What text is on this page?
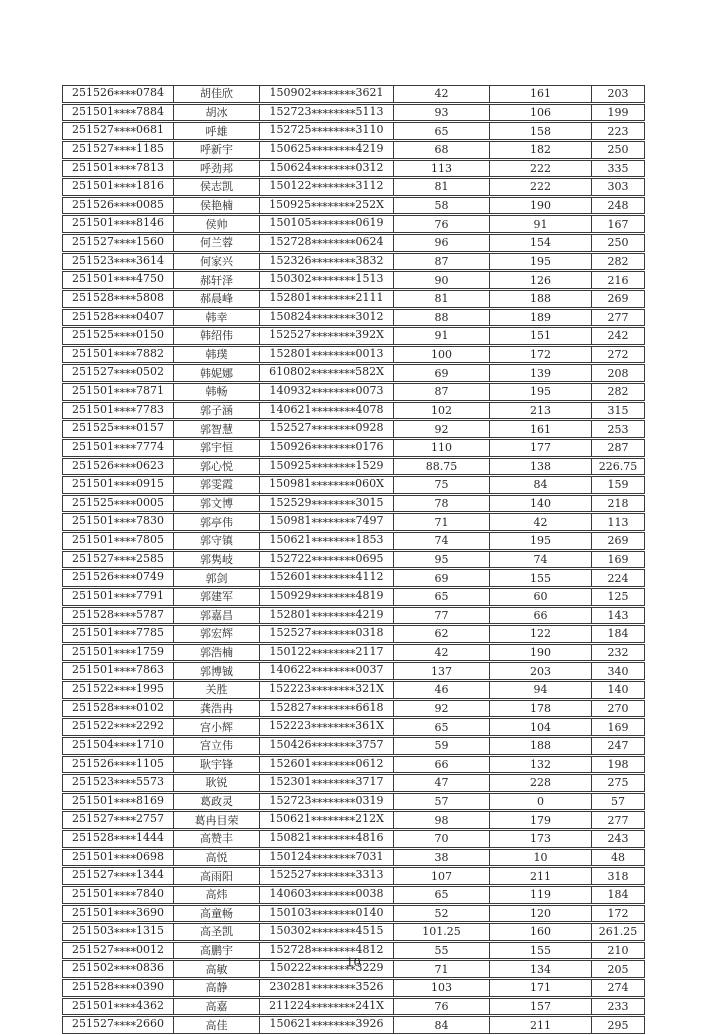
251526****0784	胡佳欣	150902********3621	42	161	203
251501****7884	胡冰	152723********5113	93	106	199
251527****0681	呼雄	152725********3110	65	158	223
251527****1185	呼新宇	150625********4219	68	182	250
251501****7813	呼劲邦	150624********0312	113	222	335
251501****1816	侯志凯	150122********3112	81	222	303
251526****0085	侯艳楠	150925********252X	58	190	248
251501****8146	侯帅	150105********0619	76	91	167
251527****1560	何兰蓉	152728********0624	96	154	250
251523****3614	何家兴	152326********3832	87	195	282
251501****4750	郝轩泽	150302********1513	90	126	216
251528****5808	郝晨峰	152801********2111	81	188	269
251528****0407	韩幸	150824********3012	88	189	277
251525****0150	韩绍伟	152527********392X	91	151	242
251501****7882	韩璞	152801********0013	100	172	272
251527****0502	韩妮娜	610802********582X	69	139	208
251501****7871	韩畅	140932********0073	87	195	282
251501****7783	郭子涵	140621********4078	102	213	315
251525****0157	郭智慧	152527********0928	92	161	253
251501****7774	郭宇恒	150926********0176	110	177	287
251526****0623	郭心悦	150925********1529	88.75	138	226.75
251501****0915	郭雯霞	150981********060X	75	84	159
251525****0005	郭文博	152529********3015	78	140	218
251501****7830	郭亭伟	150981********7497	71	42	113
251501****7805	郭守镇	150621********1853	74	195	269
251527****2585	郭隽岐	152722********0695	95	74	169
251526****0749	郭剑	152601********4112	69	155	224
251501****7791	郭建军	150929********4819	65	60	125
251528****5787	郭嘉昌	152801********4219	77	66	143
251501****7785	郭宏辉	152527********0318	62	122	184
251501****1759	郭浩楠	150122********2117	42	190	232
251501****7863	郭博铖	140622********0037	137	203	340
251522****1995	关胜	152223********321X	46	94	140
251528****0102	龚浩冉	152827********6618	92	178	270
251522****2292	宫小辉	152223********361X	65	104	169
251504****1710	宫立伟	150426********3757	59	188	247
251526****1105	耿宇锋	152601********0612	66	132	198
251523****5573	耿锐	152301********3717	47	228	275
251501****8169	葛政灵	152723********0319	57	0	57
251527****2757	葛冉目荣	150621********212X	98	179	277
251528****1444	高赞丰	150821********4816	70	173	243
251501****0698	高悦	150124********7031	38	10	48
251527****1344	高雨阳	152527********3313	107	211	318
251501****7840	高炜	140603********0038	65	119	184
251501****3690	高童畅	150103********0140	52	120	172
251503****1315	高圣凯	150302********4515	101.25	160	261.25
251527****0012	高鹏宇	152728********4812	55	155	210
251502****0836	高敏	150222********3229	71	134	205
251528****0390	高静	230281********3526	103	171	274
251501****4362	高嘉	211224********241X	76	157	233
251527****2660	高佳	150621********3926	84	211	295
10
